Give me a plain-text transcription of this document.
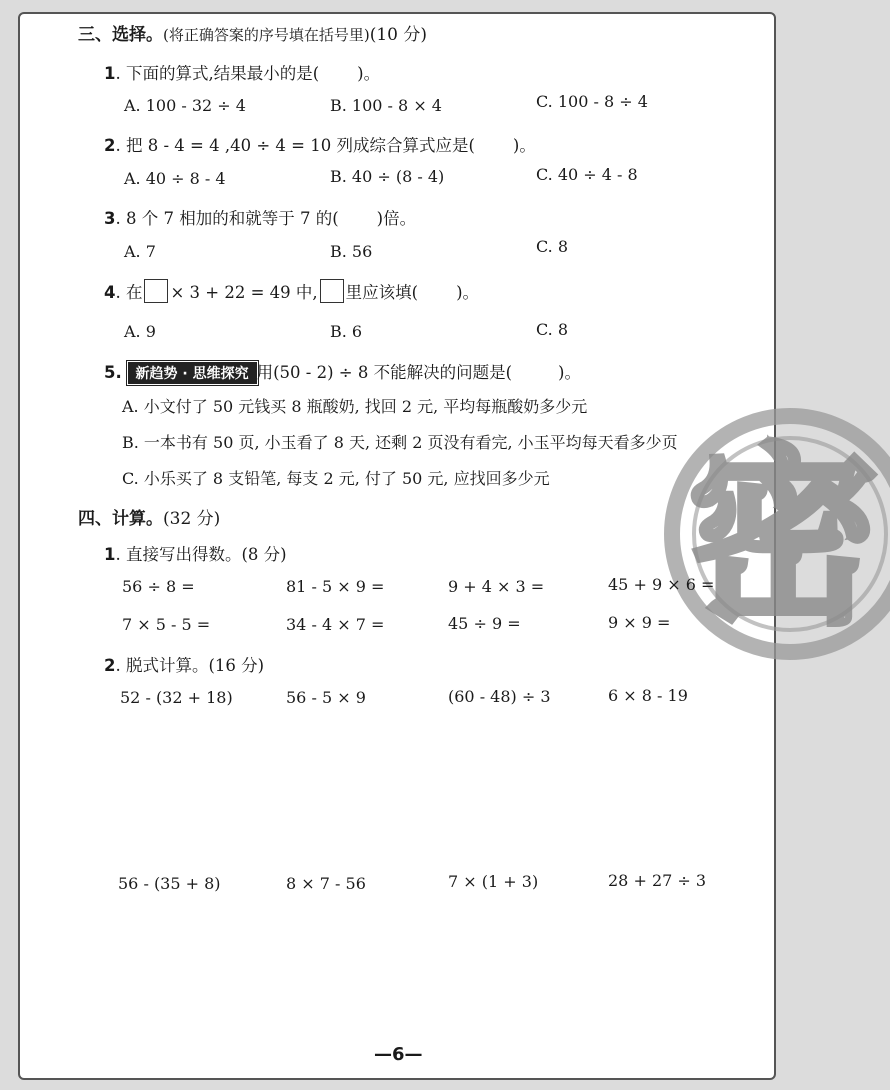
密
三、选择。(将正确答案的序号填在括号里)(10 分)
1. 下面的算式,结果最小的是( )。
A. 100 - 32 ÷ 4	B. 100 - 8 × 4	C. 100 - 8 ÷ 4
2. 把 8 - 4 = 4 ,40 ÷ 4 = 10 列成综合算式应是( )。
A. 40 ÷ 8 - 4	B. 40 ÷ (8 - 4)	C. 40 ÷ 4 - 8
3. 8 个 7 相加的和就等于 7 的( )倍。
A. 7	B. 56	C. 8
4. 在 × 3 + 22 = 49 中, 里应该填( )。
A. 9	B. 6	C. 8
5. 新趋势 · 思维探究 用(50 - 2) ÷ 8 不能解决的问题是(	)。
A. 小文付了 50 元钱买 8 瓶酸奶, 找回 2 元, 平均每瓶酸奶多少元
B. 一本书有 50 页, 小玉看了 8 天, 还剩 2 页没有看完, 小玉平均每天看多少页
C. 小乐买了 8 支铅笔, 每支 2 元, 付了 50 元, 应找回多少元
四、计算。(32 分)
1. 直接写出得数。(8 分)
56 ÷ 8 =	81 - 5 × 9 =	9 + 4 × 3 =	45 + 9 × 6 =
7 × 5 - 5 =	34 - 4 × 7 =	45 ÷ 9 =	9 × 9 =
2. 脱式计算。(16 分)
52 - (32 + 18)	56 - 5 × 9	(60 - 48) ÷ 3	6 × 8 - 19
56 - (35 + 8)	8 × 7 - 56	7 × (1 + 3)	28 + 27 ÷ 3
—6—
